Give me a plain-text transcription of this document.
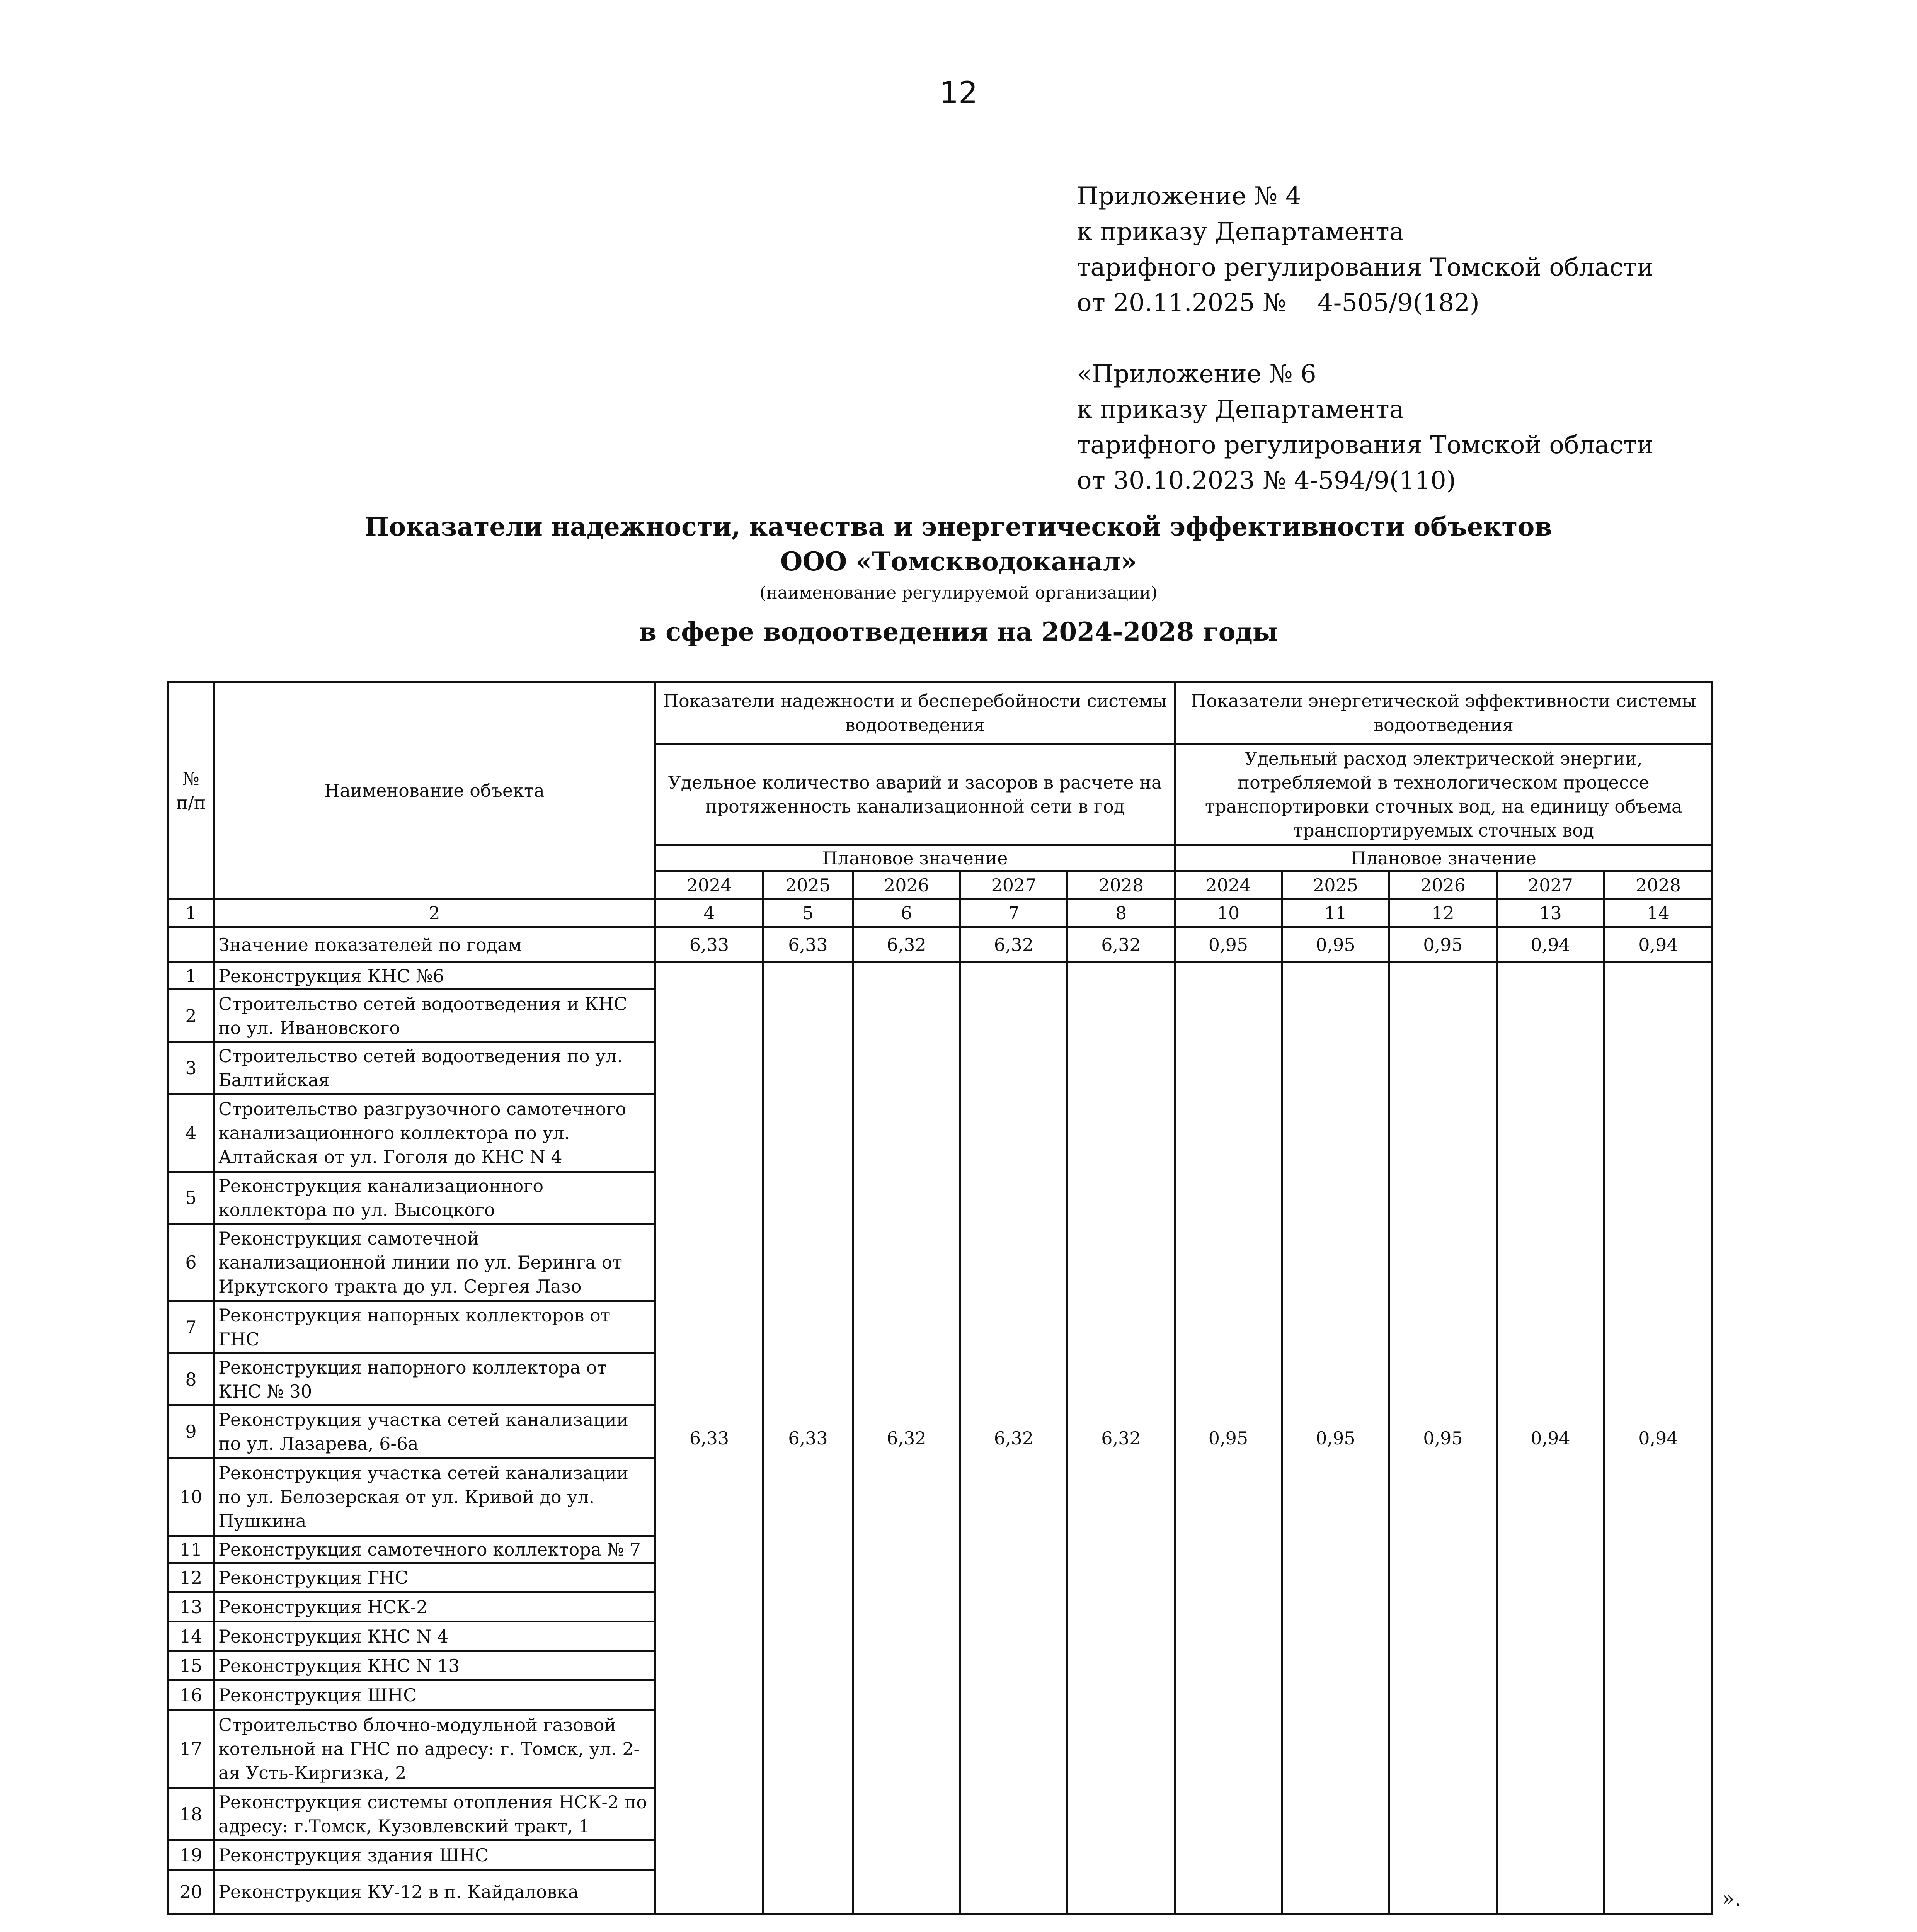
12
Приложение № 4
к приказу Департамента
тарифного регулирования Томской области
от 20.11.2025 №    4-505/9(182)
«Приложение № 6
к приказу Департамента
тарифного регулирования Томской области
от 30.10.2023 № 4-594/9(110)
Показатели надежности, качества и энергетической эффективности объектов
ООО «Томскводоканал»
(наименование регулируемой организации)
в сфере водоотведения на 2024-2028 годы
№ п/п	Наименование объекта	Показатели надежности и бесперебойности системы водоотведения					Показатели энергетической эффективности системы водоотведения				
		Удельное количество аварий и засоров в расчете на протяженность канализационной сети в год					Удельный расход электрической энергии, потребляемой в технологическом процессе транспортировки сточных вод, на единицу объема транспортируемых сточных вод				
		Плановое значение					Плановое значение				
		2024	2025	2026	2027	2028	2024	2025	2026	2027	2028
1	2	4	5	6	7	8	10	11	12	13	14
	Значение показателей по годам	6,33	6,33	6,32	6,32	6,32	0,95	0,95	0,95	0,94	0,94
1	Реконструкция КНС №6	6,33	6,33	6,32	6,32	6,32	0,95	0,95	0,95	0,94	0,94
2	Строительство сетей водоотведения и КНС по ул. Ивановского										
3	Строительство сетей водоотведения по ул. Балтийская										
4	Строительство разгрузочного самотечного канализационного коллектора по ул. Алтайская от ул. Гоголя до КНС N 4										
5	Реконструкция канализационного коллектора по ул. Высоцкого										
6	Реконструкция самотечной канализационной линии по ул. Беринга от Иркутского тракта до ул. Сергея Лазо										
7	Реконструкция напорных коллекторов от ГНС										
8	Реконструкция напорного коллектора от КНС № 30										
9	Реконструкция участка сетей канализации по ул. Лазарева, 6-6а										
10	Реконструкция участка сетей канализации по ул. Белозерская от ул. Кривой до ул. Пушкина										
11	Реконструкция самотечного коллектора № 7										
12	Реконструкция ГНС										
13	Реконструкция НСК-2										
14	Реконструкция КНС N 4										
15	Реконструкция КНС N 13										
16	Реконструкция ШНС										
17	Строительство блочно-модульной газовой котельной на ГНС по адресу: г. Томск, ул. 2-ая Усть-Киргизка, 2										
18	Реконструкция системы отопления НСК-2 по адресу: г.Томск, Кузовлевский тракт, 1										
19	Реконструкция здания ШНС										
20	Реконструкция КУ-12 в п. Кайдаловка											».
